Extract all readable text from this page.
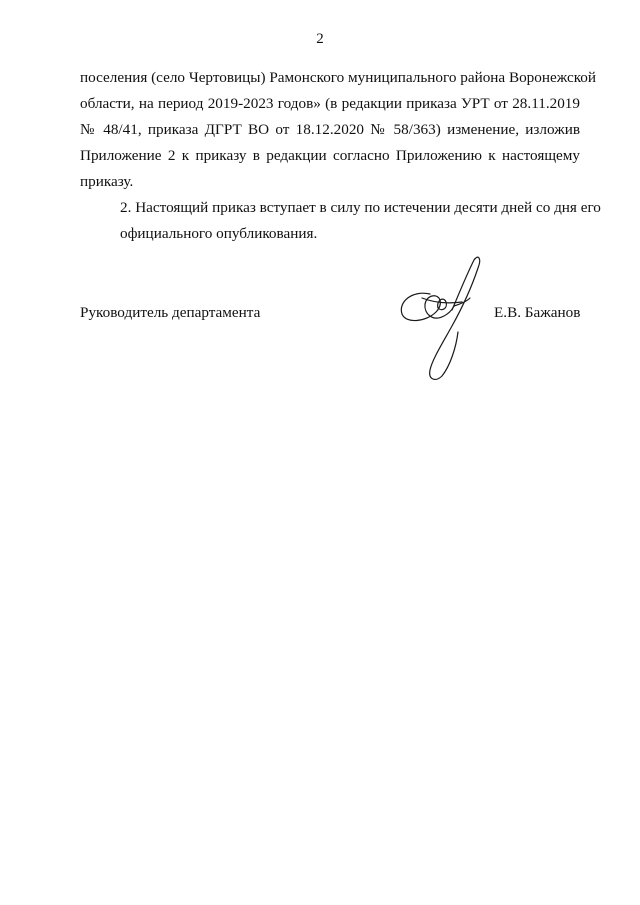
2
поселения (село Чертовицы) Рамонского муниципального района Воронежской
области, на период 2019-2023 годов» (в редакции приказа УРТ от 28.11.2019
№ 48/41, приказа ДГРТ ВО от 18.12.2020 № 58/363) изменение, изложив
Приложение 2 к приказу в редакции согласно Приложению к настоящему
приказу.
2. Настоящий приказ вступает в силу по истечении десяти дней со дня его
официального опубликования.
Руководитель департамента	Е.В. Бажанов
